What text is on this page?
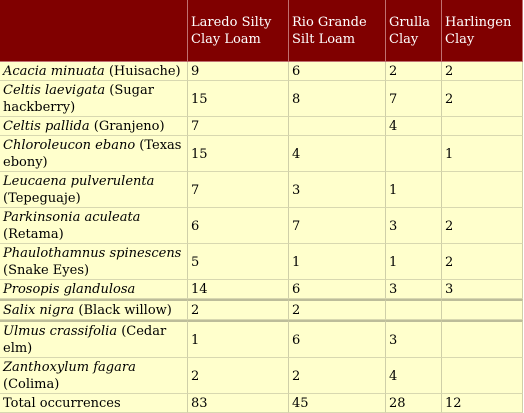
	Laredo Silty Clay Loam	Rio Grande Silt Loam	Grulla Clay	Harlingen Clay
Acacia minuata (Huisache)	9	6	2	2
Celtis laevigata (Sugar hackberry)	15	8	7	2
Celtis pallida (Granjeno)	7		4	
Chloroleucon ebano (Texas ebony)	15	4		1
Leucaena pulverulenta (Tepeguaje)	7	3	1	
Parkinsonia aculeata (Retama)	6	7	3	2
Phaulothamnus spinescens (Snake Eyes)	5	1	1	2
Prosopis glandulosa	14	6	3	3
Salix nigra (Black willow)	2	2		
Ulmus crassifolia (Cedar elm)	1	6	3	
Zanthoxylum fagara (Colima)	2	2	4	
Total occurrences	83	45	28	12
